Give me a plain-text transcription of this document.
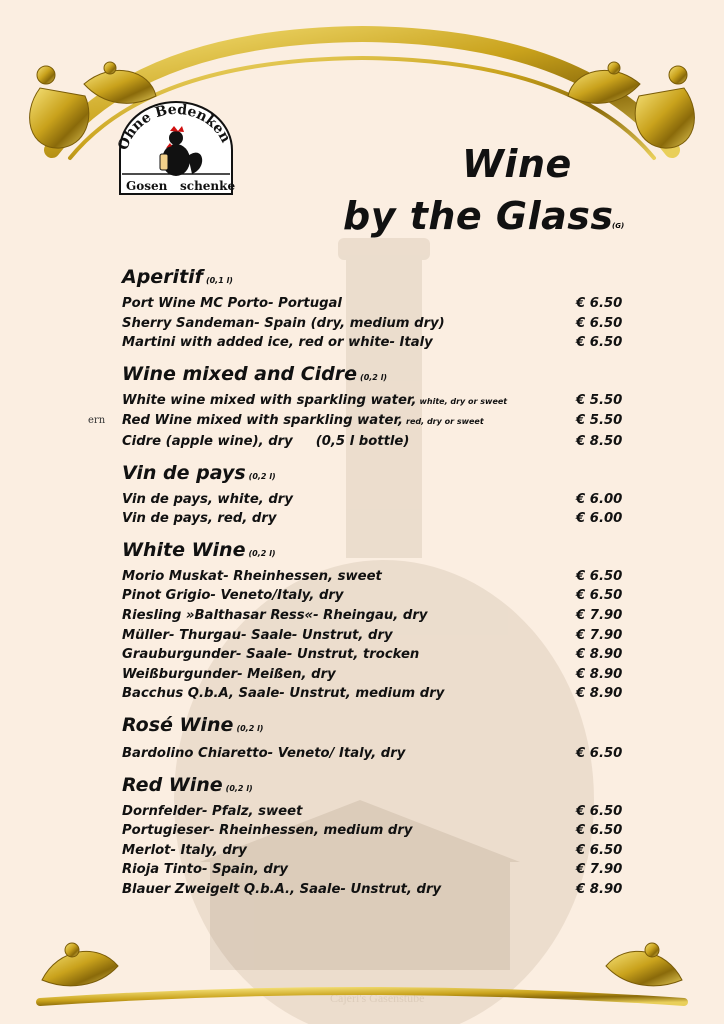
Cajeri's Gasenstube
Ohne Bedenken
Gosen schenke	Wine
by the Glass
(G)
ern
Aperitif (0,1 l)
Port Wine MC Porto- Portugal	€ 6.50
Sherry Sandeman- Spain (dry, medium dry)	€ 6.50
Martini with added ice, red or white- Italy	€ 6.50
Wine mixed and Cidre (0,2 l)
White wine mixed with sparkling water, white, dry or sweet	€ 5.50
Red Wine mixed with sparkling water, red, dry or sweet	€ 5.50
Cidre (apple wine), dry     (0,5 l bottle)	€ 8.50
Vin de pays (0,2 l)
Vin de pays, white, dry	€ 6.00
Vin de pays, red, dry	€ 6.00
White Wine (0,2 l)
Morio Muskat- Rheinhessen, sweet	€ 6.50
Pinot Grigio- Veneto/Italy, dry	€ 6.50
Riesling »Balthasar Ress«- Rheingau, dry	€ 7.90
Müller- Thurgau- Saale- Unstrut, dry	€ 7.90
Grauburgunder- Saale- Unstrut, trocken	€ 8.90
Weißburgunder- Meißen, dry	€ 8.90
Bacchus Q.b.A, Saale- Unstrut, medium dry	€ 8.90
Rosé Wine (0,2 l)
Bardolino Chiaretto- Veneto/ Italy, dry	€ 6.50
Red Wine (0,2 l)
Dornfelder- Pfalz, sweet	€ 6.50
Portugieser- Rheinhessen, medium dry	€ 6.50
Merlot- Italy, dry	€ 6.50
Rioja Tinto- Spain, dry	€ 7.90
Blauer Zweigelt Q.b.A., Saale- Unstrut, dry	€ 8.90
